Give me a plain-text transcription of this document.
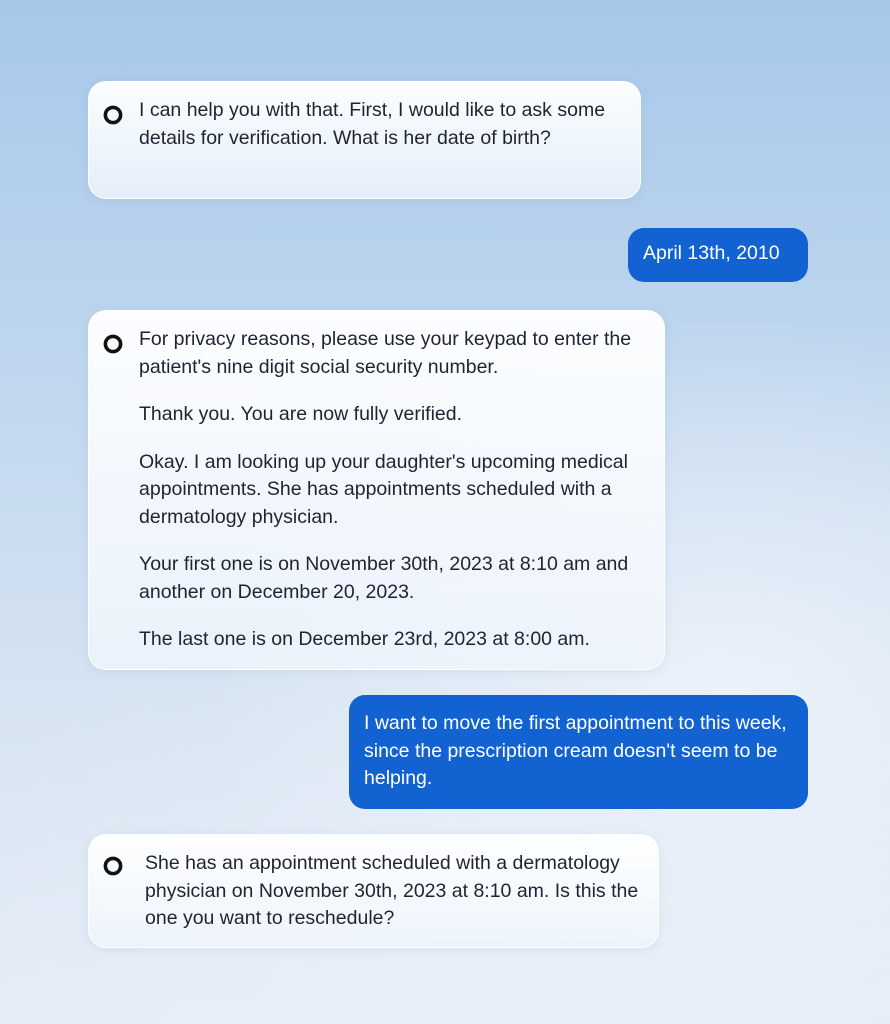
I can help you with that. First, I would like to ask some details for verification. What is her date of birth?

April 13th, 2010

For privacy reasons, please use your keypad to enter the patient's nine digit social security number.

Thank you. You are now fully verified.

Okay. I am looking up your daughter's upcoming medical appointments. She has appointments scheduled with a dermatology physician.

Your first one is on November 30th, 2023 at 8:10 am and another on December 20, 2023.

The last one is on December 23rd, 2023 at 8:00 am.

I want to move the first appointment to this week, since the prescription cream doesn't seem to be helping.

She has an appointment scheduled with a dermatology physician on November 30th, 2023 at 8:10 am. Is this the one you want to reschedule?
